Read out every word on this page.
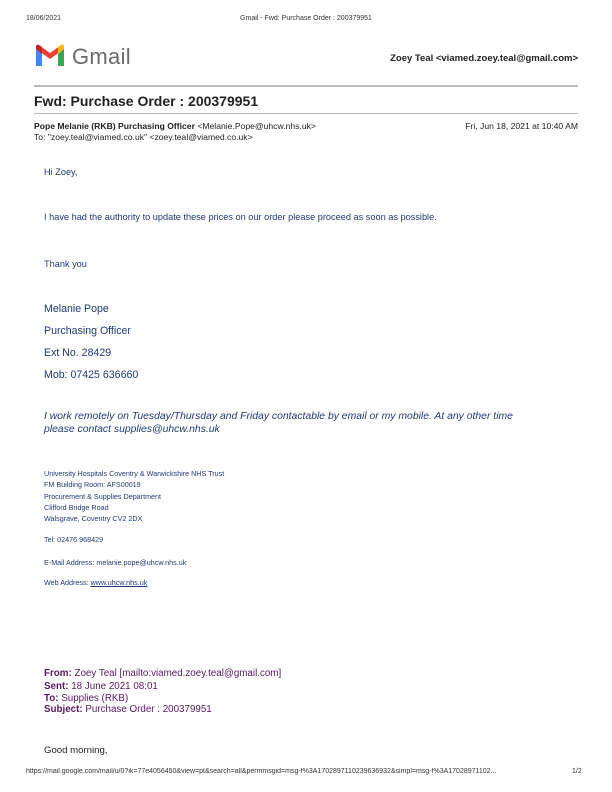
18/06/2021	Gmail - Fwd: Purchase Order : 200379951
Gmail	Zoey Teal <viamed.zoey.teal@gmail.com>
Fwd: Purchase Order : 200379951
Pope Melanie (RKB) Purchasing Officer <Melanie.Pope@uhcw.nhs.uk>	Fri, Jun 18, 2021 at 10:40 AM
To: "zoey.teal@viamed.co.uk" <zoey.teal@viamed.co.uk>
Hi Zoey,
I have had the authority to update these prices on our order please proceed as soon as possible.
Thank you
Melanie Pope
Purchasing Officer
Ext No. 28429
Mob: 07425 636660
I work remotely on Tuesday/Thursday and Friday contactable by email or my mobile. At any other time
please contact supplies@uhcw.nhs.uk
University Hospitals Coventry & Warwickshire NHS Trust
FM Building Room: AFS00019
Procurement & Supplies Department
Clifford Bridge Road
Walsgrave, Coventry CV2 2DX
Tel: 02476 968429
E-Mail Address: melanie.pope@uhcw.nhs.uk
Web Address: www.uhcw.nhs.uk
From: Zoey Teal [mailto:viamed.zoey.teal@gmail.com]
Sent: 18 June 2021 08:01
To: Supplies (RKB)
Subject: Purchase Order : 200379951
Good morning,
https://mail.google.com/mail/u/0?ik=77e4056450&view=pt&search=all&permmsgid=msg-f%3A1702897110239636932&simpl=msg-f%3A17028971102...	1/2
